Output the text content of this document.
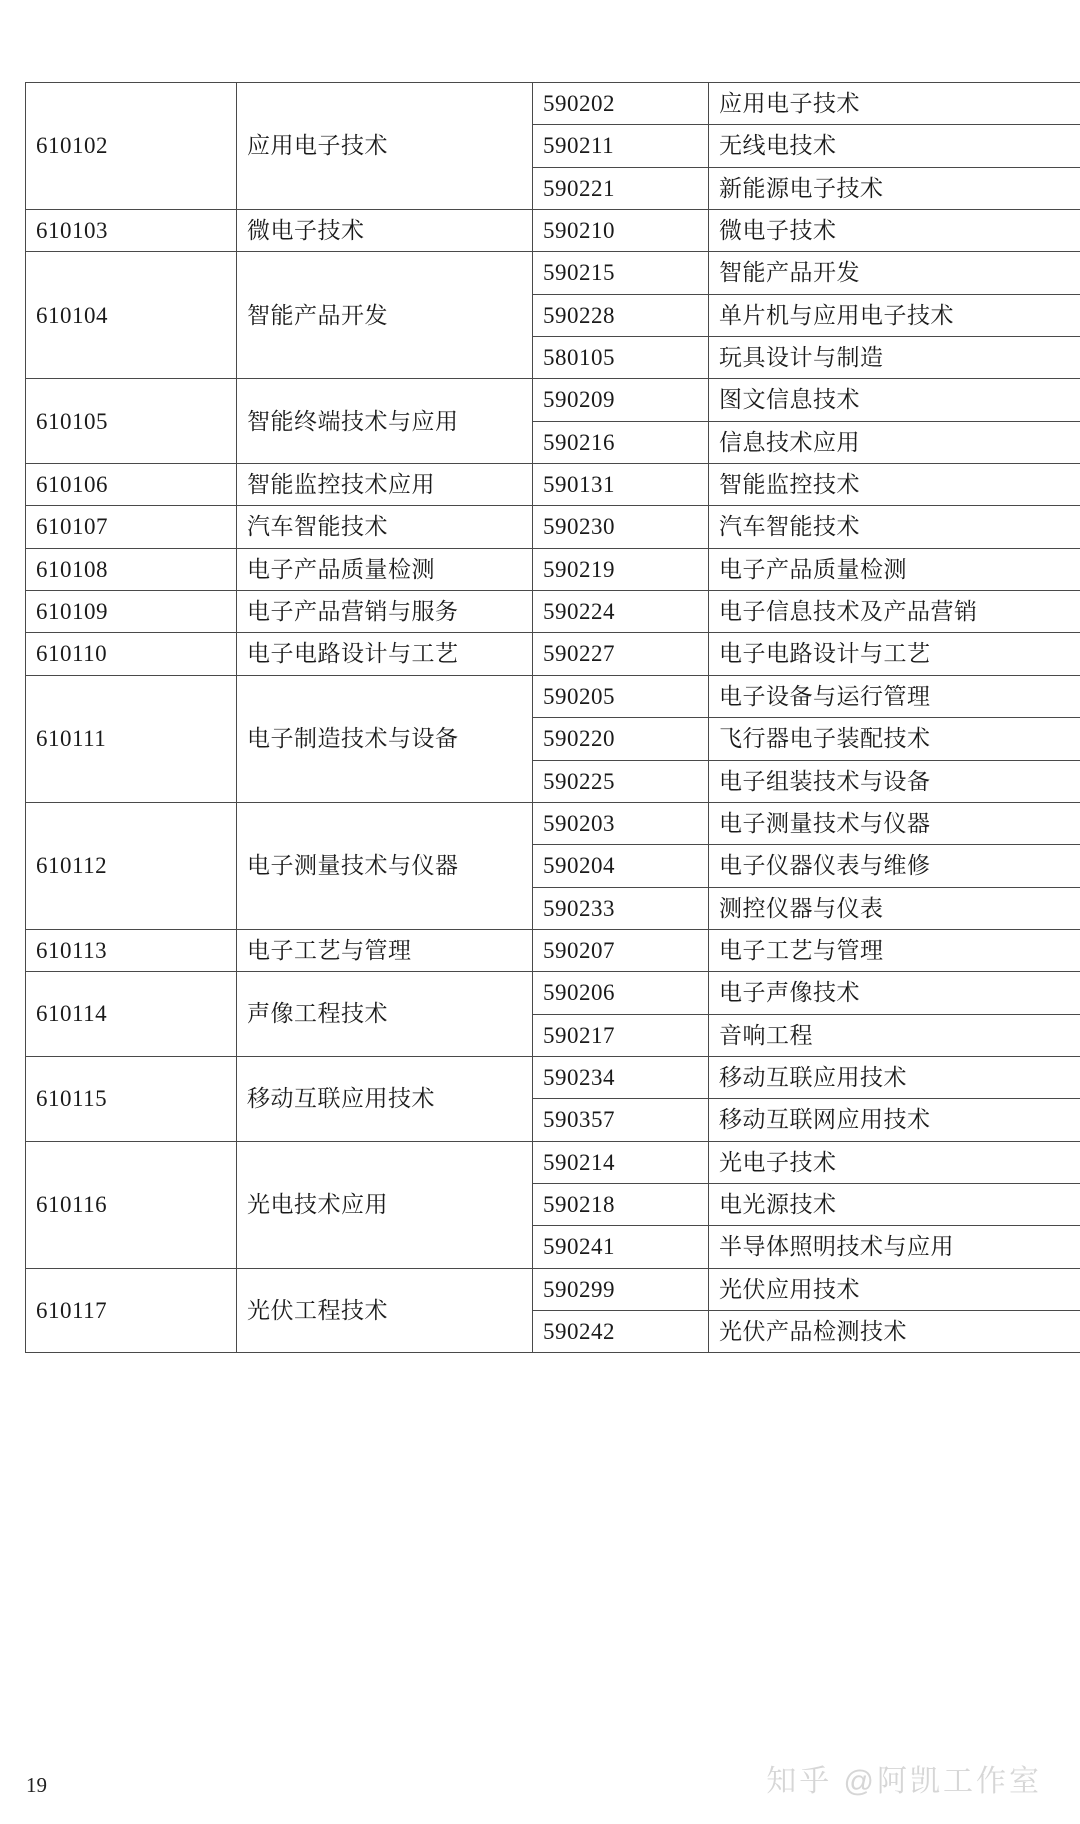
610102	应用电子技术	590202	应用电子技术
		590211	无线电技术
		590221	新能源电子技术
610103	微电子技术	590210	微电子技术
610104	智能产品开发	590215	智能产品开发
		590228	单片机与应用电子技术
		580105	玩具设计与制造
610105	智能终端技术与应用	590209	图文信息技术
		590216	信息技术应用
610106	智能监控技术应用	590131	智能监控技术
610107	汽车智能技术	590230	汽车智能技术
610108	电子产品质量检测	590219	电子产品质量检测
610109	电子产品营销与服务	590224	电子信息技术及产品营销
610110	电子电路设计与工艺	590227	电子电路设计与工艺
610111	电子制造技术与设备	590205	电子设备与运行管理
		590220	飞行器电子装配技术
		590225	电子组装技术与设备
610112	电子测量技术与仪器	590203	电子测量技术与仪器
		590204	电子仪器仪表与维修
		590233	测控仪器与仪表
610113	电子工艺与管理	590207	电子工艺与管理
610114	声像工程技术	590206	电子声像技术
		590217	音响工程
610115	移动互联应用技术	590234	移动互联应用技术
		590357	移动互联网应用技术
610116	光电技术应用	590214	光电子技术
		590218	电光源技术
		590241	半导体照明技术与应用
610117	光伏工程技术	590299	光伏应用技术
		590242	光伏产品检测技术
知乎 @阿凯工作室
19
